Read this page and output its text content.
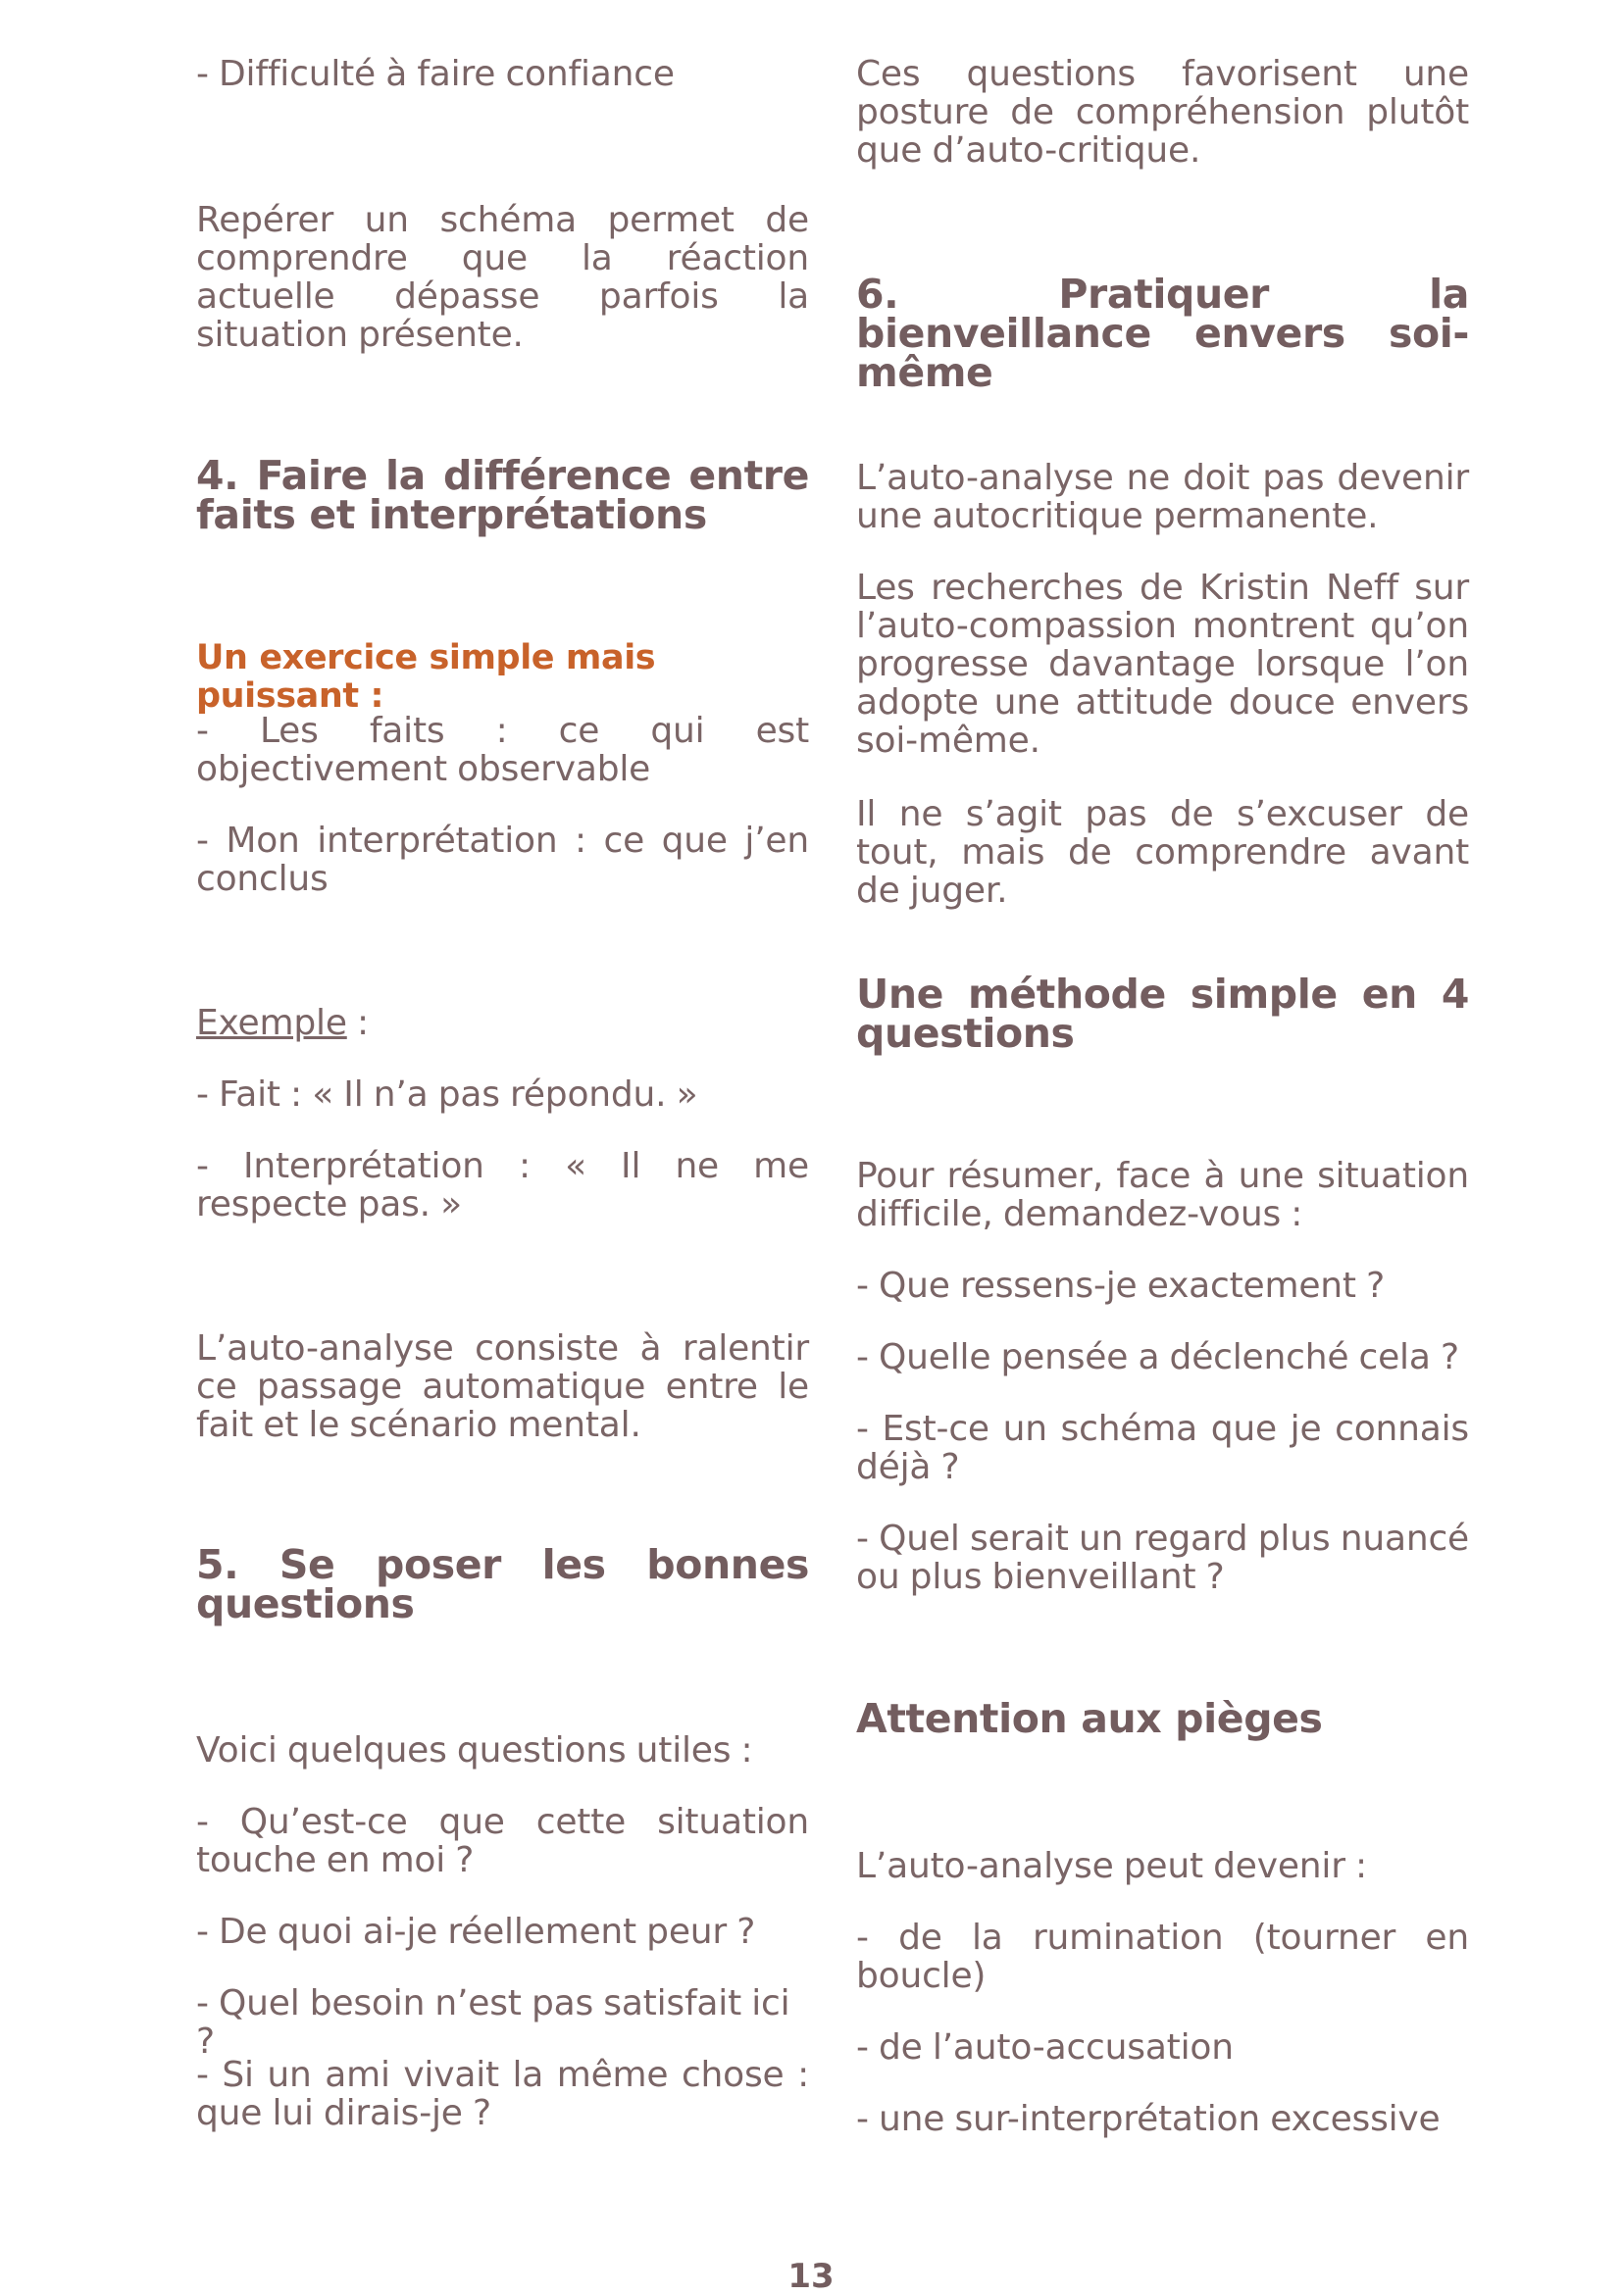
- Difficulté à faire confiance

Repérer un schéma permet de comprendre que la réaction actuelle dépasse parfois la situation présente.

4. Faire la différence entre faits et interprétations

Un exercice simple mais puissant :

- Les faits : ce qui est objectivement observable

- Mon interprétation : ce que j’en conclus

Exemple :

- Fait : « Il n’a pas répondu. »

- Interprétation : « Il ne me respecte pas. »

L’auto-analyse consiste à ralentir ce passage automatique entre le fait et le scénario mental.

5. Se poser les bonnes questions

Voici quelques questions utiles :

- Qu’est-ce que cette situation touche en moi ?

- De quoi ai-je réellement peur ?

- Quel besoin n’est pas satisfait ici ?

- Si un ami vivait la même chose : que lui dirais-je ?

Ces questions favorisent une posture de compréhension plutôt que d’auto-critique.

6. Pratiquer la bienveillance envers soi-même

L’auto-analyse ne doit pas devenir une autocritique permanente.

Les recherches de Kristin Neff sur l’auto-compassion montrent qu’on progresse davantage lorsque l’on adopte une attitude douce envers soi-même.

Il ne s’agit pas de s’excuser de tout, mais de comprendre avant de juger.

Une méthode simple en 4 questions

Pour résumer, face à une situation difficile, demandez-vous :

- Que ressens-je exactement ?

- Quelle pensée a déclenché cela ?

- Est-ce un schéma que je connais déjà ?

- Quel serait un regard plus nuancé ou plus bienveillant ?

Attention aux pièges

L’auto-analyse peut devenir :

- de la rumination (tourner en boucle)

- de l’auto-accusation

- une sur-interprétation excessive

13
